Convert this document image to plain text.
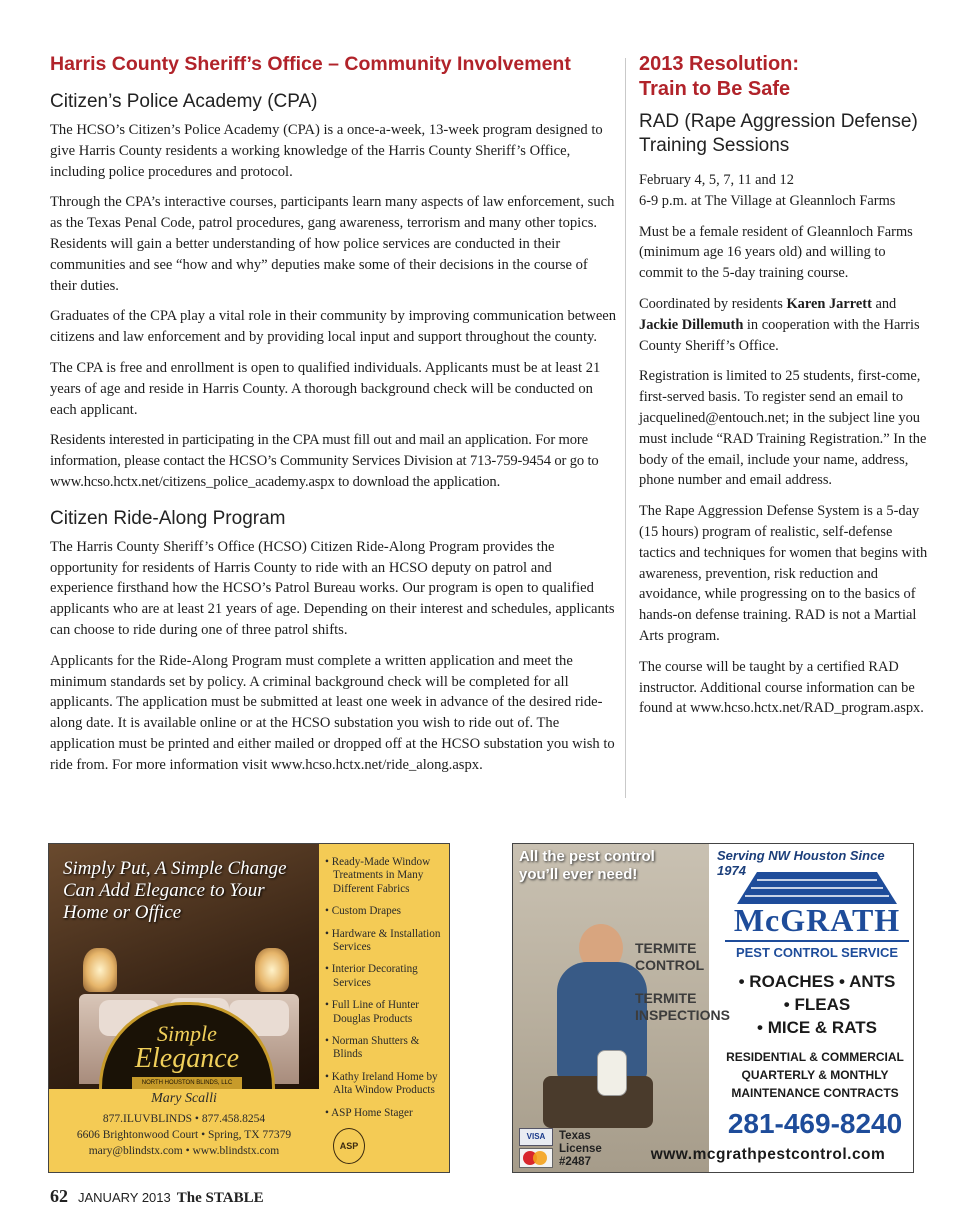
Harris County Sheriff’s Office – Community Involvement
Citizen’s Police Academy (CPA)

The HCSO’s Citizen’s Police Academy (CPA) is a once-a-week, 13-week program designed to give Harris County residents a working knowledge of the Harris County Sheriff’s Office, including police procedures and protocol.

Through the CPA’s interactive courses, participants learn many aspects of law enforcement, such as the Texas Penal Code, patrol procedures, gang awareness, terrorism and many other topics. Residents will gain a better understanding of how police services are conducted in their communities and see “how and why” deputies make some of their decisions in the course of their duties.

Graduates of the CPA play a vital role in their community by improving communication between citizens and law enforcement and by providing local input and support throughout the county.

The CPA is free and enrollment is open to qualified individuals. Applicants must be at least 21 years of age and reside in Harris County. A thorough background check will be conducted on each applicant.

Residents interested in participating in the CPA must fill out and mail an application. For more information, please contact the HCSO’s Community Services Division at 713-759-9454 or go to www.hcso.hctx.net/citizens_police_academy.aspx to download the application.

Citizen Ride-Along Program

The Harris County Sheriff’s Office (HCSO) Citizen Ride-Along Program provides the opportunity for residents of Harris County to ride with an HCSO deputy on patrol and experience firsthand how the HCSO’s Patrol Bureau works. Our program is open to qualified applicants who are at least 21 years of age. Depending on their interest and schedules, applicants can choose to ride during one of three patrol shifts.

Applicants for the Ride-Along Program must complete a written application and meet the minimum standards set by policy. A criminal background check will be completed for all applicants. The application must be submitted at least one week in advance of the desired ride-along date. It is available online or at the HCSO substation you wish to ride out of. The application must be printed and either mailed or dropped off at the HCSO substation you wish to ride from. For more information visit www.hcso.hctx.net/ride_along.aspx.

2013 Resolution:
Train to Be Safe
RAD (Rape Aggression Defense)
Training Sessions

February 4, 5, 7, 11 and 12
6-9 p.m. at The Village at Gleannloch Farms

Must be a female resident of Gleannloch Farms (minimum age 16 years old) and willing to commit to the 5-day training course.

Coordinated by residents Karen Jarrett and Jackie Dillemuth in cooperation with the Harris County Sheriff’s Office.

Registration is limited to 25 students, first-come, first-served basis. To register send an email to jacquelined@entouch.net; in the subject line you must include “RAD Training Registration.” In the body of the email, include your name, address, phone number and email address.

The Rape Aggression Defense System is a 5-day (15 hours) program of realistic, self-defense tactics and techniques for women that begins with awareness, prevention, risk reduction and avoidance, while progressing on to the basics of hands-on defense training. RAD is not a Martial Arts program.

The course will be taught by a certified RAD instructor. Additional course information can be found at www.hcso.hctx.net/RAD_program.aspx.

Simply Put, A Simple Change Can Add Elegance to Your Home or Office
Simple
Elegance
NORTH HOUSTON BLINDS, LLC
Mary Scalli
877.ILUVBLINDS • 877.458.8254
6606 Brightonwood Court • Spring, TX 77379
mary@blindstx.com • www.blindstx.com
• Ready-Made Window Treatments in Many Different Fabrics
• Custom Drapes
• Hardware & Installation Services
• Interior Decorating Services
• Full Line of Hunter Douglas Products
• Norman Shutters & Blinds
• Kathy Ireland Home by Alta Window Products
• ASP Home Stager
ASP
All the pest control
you’ll ever need!
TERMITE
CONTROL
TERMITE
INSPECTIONS
VISA	Texas
License
#2487
Serving NW Houston Since 1974
McGRATH
PEST CONTROL SERVICE
• ROACHES • ANTS
• FLEAS
• MICE & RATS
RESIDENTIAL & COMMERCIAL
QUARTERLY & MONTHLY
MAINTENANCE CONTRACTS
281-469-8240
www.mcgrathpestcontrol.com
62 JANUARY 2013 The STABLE
